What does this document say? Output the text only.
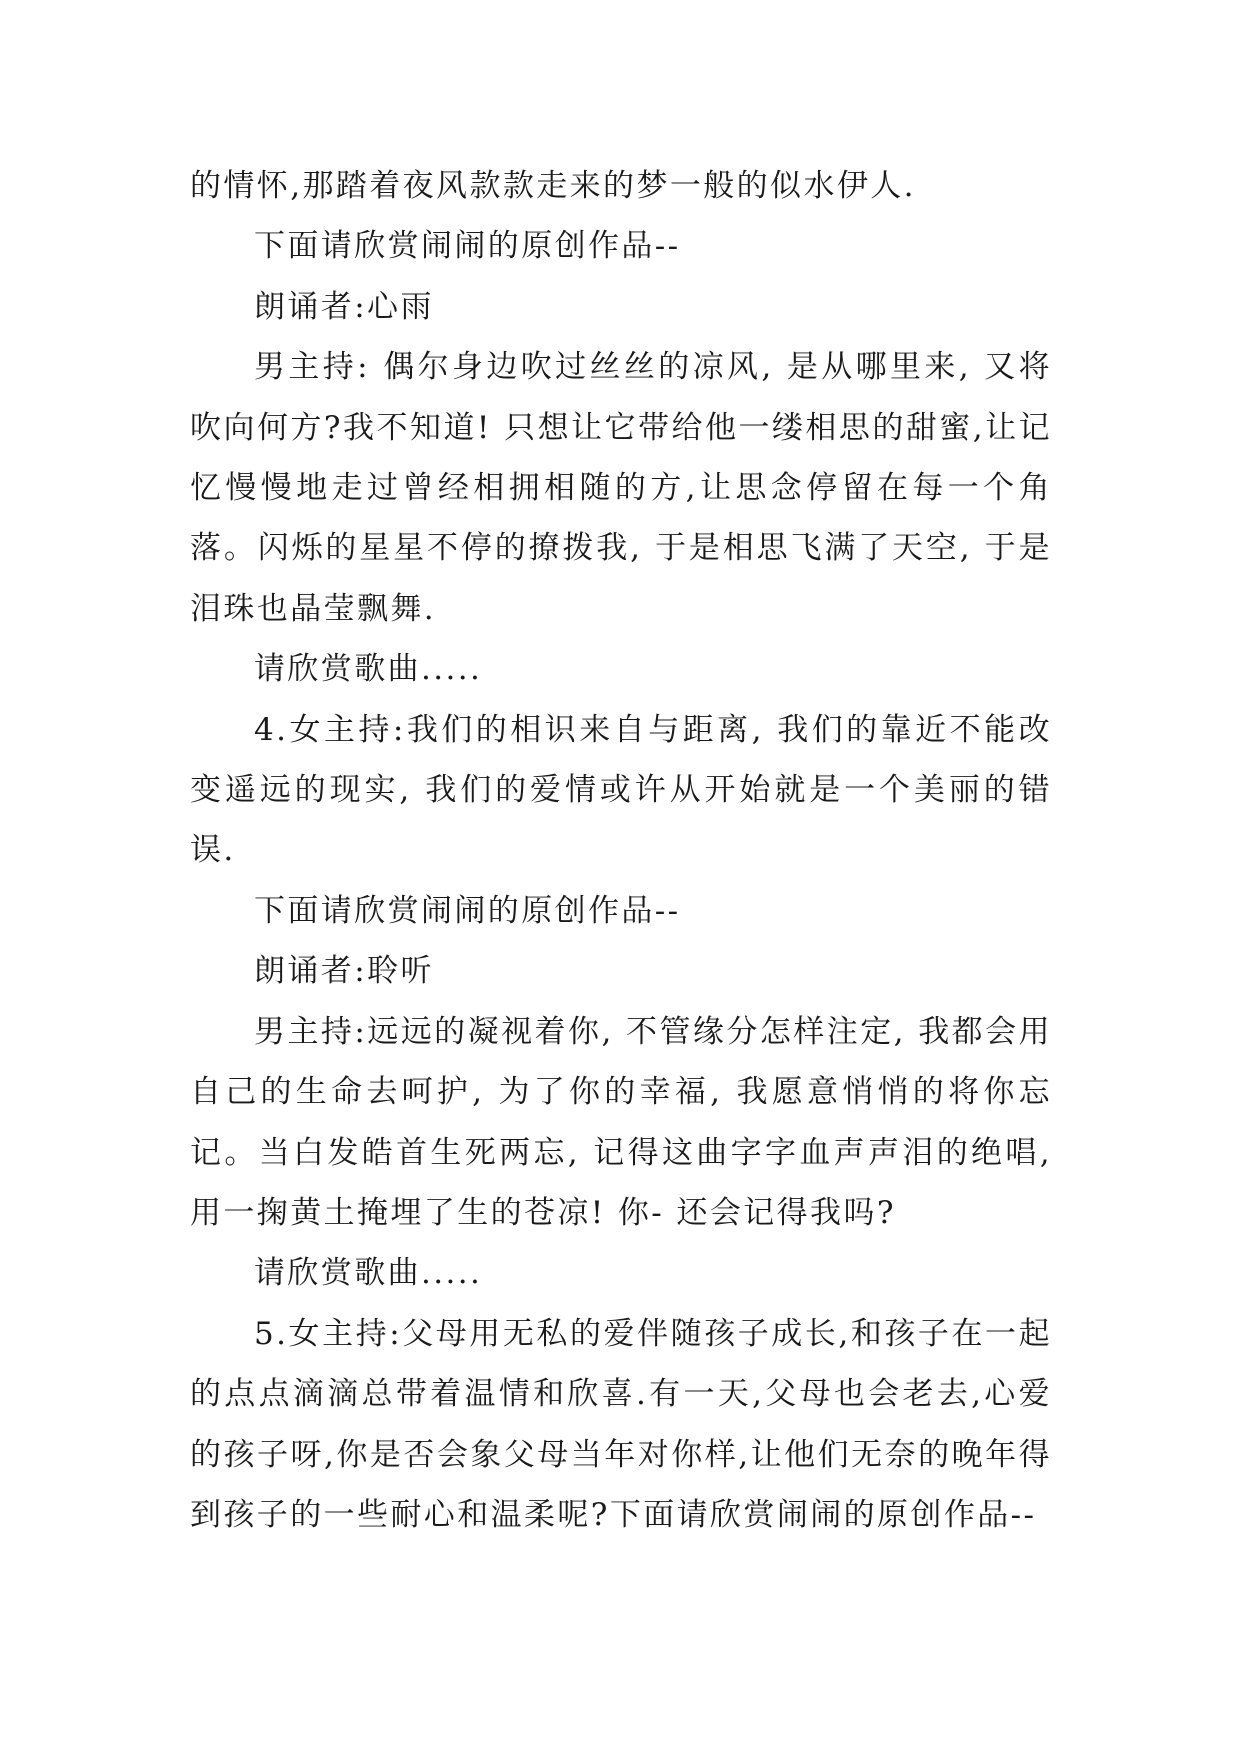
的情怀,那踏着夜风款款走来的梦一般的似水伊人.

下面请欣赏闹闹的原创作品--

朗诵者:心雨

男主持: 偶尔身边吹过丝丝的凉风, 是从哪里来, 又将吹向何方?我不知道! 只想让它带给他一缕相思的甜蜜,让记忆慢慢地走过曾经相拥相随的方,让思念停留在每一个角落。闪烁的星星不停的撩拨我, 于是相思飞满了天空, 于是泪珠也晶莹飘舞.

请欣赏歌曲.....

4.女主持:我们的相识来自与距离, 我们的靠近不能改变遥远的现实, 我们的爱情或许从开始就是一个美丽的错误.

下面请欣赏闹闹的原创作品--

朗诵者:聆听

男主持:远远的凝视着你, 不管缘分怎样注定, 我都会用自己的生命去呵护, 为了你的幸福, 我愿意悄悄的将你忘记。当白发皓首生死两忘, 记得这曲字字血声声泪的绝唱, 用一掬黄土掩埋了生的苍凉! 你- 还会记得我吗?

请欣赏歌曲.....

5.女主持:父母用无私的爱伴随孩子成长,和孩子在一起的点点滴滴总带着温情和欣喜.有一天,父母也会老去,心爱的孩子呀,你是否会象父母当年对你样,让他们无奈的晚年得到孩子的一些耐心和温柔呢?下面请欣赏闹闹的原创作品--
